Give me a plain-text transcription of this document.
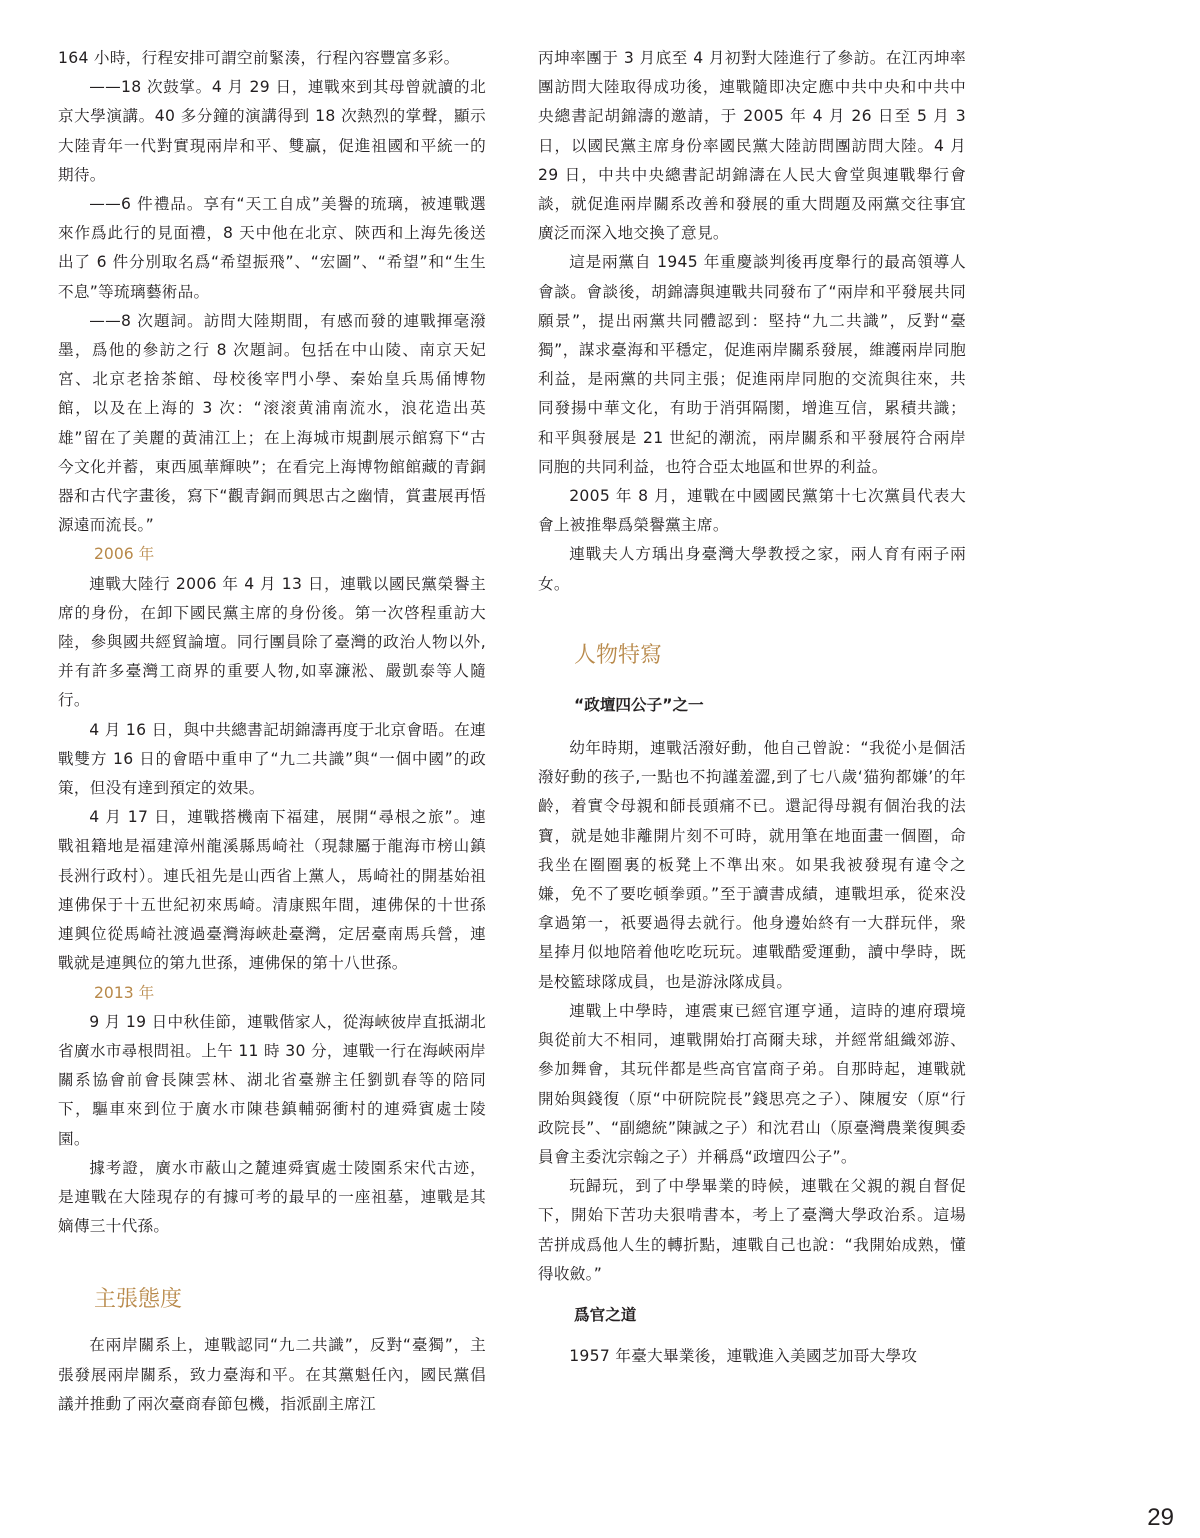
164 小時，行程安排可謂空前緊湊，行程內容豐富多彩。

——18 次鼓掌。4 月 29 日，連戰來到其母曾就讀的北京大學演講。40 多分鐘的演講得到 18 次熱烈的掌聲，顯示大陸青年一代對實現兩岸和平、雙贏，促進祖國和平統一的期待。

——6 件禮品。享有“天工自成”美譽的琉璃，被連戰選來作爲此行的見面禮，8 天中他在北京、陝西和上海先後送出了 6 件分別取名爲“希望振飛”、“宏圖”、“希望”和“生生不息”等琉璃藝術品。

——8 次題詞。訪問大陸期間，有感而發的連戰揮毫潑墨，爲他的參訪之行 8 次題詞。包括在中山陵、南京天妃宮、北京老捨茶館、母校後宰門小學、秦始皇兵馬俑博物館，以及在上海的 3 次：“滚滚黄浦南流水，浪花造出英雄”留在了美麗的黃浦江上；在上海城市規劃展示館寫下“古今文化并蓄，東西風華輝映”；在看完上海博物館館藏的青銅器和古代字畫後，寫下“觀青銅而興思古之幽情，賞畫展再悟源遠而流長。”

2006 年

連戰大陸行 2006 年 4 月 13 日，連戰以國民黨榮譽主席的身份，在卸下國民黨主席的身份後。第一次啓程重訪大陸，參與國共經貿論壇。同行團員除了臺灣的政治人物以外,并有許多臺灣工商界的重要人物,如辜濂淞、嚴凱泰等人隨行。

4 月 16 日，與中共總書記胡錦濤再度于北京會晤。在連戰雙方 16 日的會晤中重申了“九二共識”與“一個中國”的政策，但没有達到預定的效果。

4 月 17 日，連戰搭機南下福建，展開“尋根之旅”。連戰祖籍地是福建漳州龍溪縣馬崎社（現隸屬于龍海市榜山鎮長洲行政村）。連氏祖先是山西省上黨人，馬崎社的開基始祖連佛保于十五世紀初來馬崎。清康熙年間，連佛保的十世孫連興位從馬崎社渡過臺灣海峽赴臺灣，定居臺南馬兵營，連戰就是連興位的第九世孫，連佛保的第十八世孫。

2013 年

9 月 19 日中秋佳節，連戰偕家人，從海峽彼岸直抵湖北省廣水市尋根問祖。上午 11 時 30 分，連戰一行在海峽兩岸關系協會前會長陳雲林、湖北省臺辦主任劉凱春等的陪同下，驅車來到位于廣水市陳巷鎮輔弼衝村的連舜賓處士陵園。

據考證，廣水市蔽山之麓連舜賓處士陵園系宋代古迹，是連戰在大陸現存的有據可考的最早的一座祖墓，連戰是其嫡傳三十代孫。

主張態度

在兩岸關系上，連戰認同“九二共識”，反對“臺獨”，主張發展兩岸關系，致力臺海和平。在其黨魁任內，國民黨倡議并推動了兩次臺商春節包機，指派副主席江

丙坤率團于 3 月底至 4 月初對大陸進行了參訪。在江丙坤率團訪問大陸取得成功後，連戰隨即决定應中共中央和中共中央總書記胡錦濤的邀請，于 2005 年 4 月 26 日至 5 月 3 日，以國民黨主席身份率國民黨大陸訪問團訪問大陸。4 月 29 日，中共中央總書記胡錦濤在人民大會堂與連戰舉行會談，就促進兩岸關系改善和發展的重大問題及兩黨交往事宜廣泛而深入地交換了意見。

這是兩黨自 1945 年重慶談判後再度舉行的最高領導人會談。會談後，胡錦濤與連戰共同發布了“兩岸和平發展共同願景”，提出兩黨共同體認到：堅持“九二共識”，反對“臺獨”，謀求臺海和平穩定，促進兩岸關系發展，維護兩岸同胞利益，是兩黨的共同主張；促進兩岸同胞的交流與往來，共同發揚中華文化，有助于消弭隔閡，增進互信，累積共識；和平與發展是 21 世紀的潮流，兩岸關系和平發展符合兩岸同胞的共同利益，也符合亞太地區和世界的利益。

2005 年 8 月，連戰在中國國民黨第十七次黨員代表大會上被推舉爲榮譽黨主席。

連戰夫人方瑀出身臺灣大學教授之家，兩人育有兩子兩女。

人物特寫

“政壇四公子”之一

幼年時期，連戰活潑好動，他自己曾說：“我從小是個活潑好動的孩子,一點也不拘謹羞澀,到了七八歲‘猫狗都嫌’的年齡，着實令母親和師長頭痛不已。還記得母親有個治我的法寶，就是她非離開片刻不可時，就用筆在地面畫一個圈，命我坐在圈圈裏的板凳上不準出來。如果我被發現有違令之嫌，免不了要吃頓拳頭。”至于讀書成績，連戰坦承，從來没拿過第一，祇要過得去就行。他身邊始終有一大群玩伴，衆星捧月似地陪着他吃吃玩玩。連戰酷愛運動，讀中學時，既是校籃球隊成員，也是游泳隊成員。

連戰上中學時，連震東已經官運亨通，這時的連府環境與從前大不相同，連戰開始打高爾夫球，并經常組織郊游、參加舞會，其玩伴都是些高官富商子弟。自那時起，連戰就開始與錢復（原“中研院院長”錢思亮之子）、陳履安（原“行政院長”、“副總統”陳誠之子）和沈君山（原臺灣農業復興委員會主委沈宗翰之子）并稱爲“政壇四公子”。

玩歸玩，到了中學畢業的時候，連戰在父親的親自督促下，開始下苦功夫狠啃書本，考上了臺灣大學政治系。這場苦拼成爲他人生的轉折點，連戰自己也說：“我開始成熟，懂得收斂。”

爲官之道

1957 年臺大畢業後，連戰進入美國芝加哥大學攻

29
